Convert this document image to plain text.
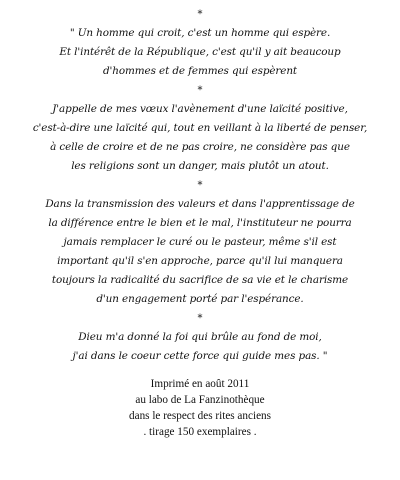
*
" Un homme qui croit, c'est un homme qui espère.
Et l'intérêt de la République, c'est qu'il y ait beaucoup
d'hommes et de femmes qui espèrent
*
J'appelle de mes vœux l'avènement d'une laïcité positive,
c'est-à-dire une laïcité qui, tout en veillant à la liberté de penser,
à celle de croire et de ne pas croire, ne considère pas que
les religions sont un danger, mais plutôt un atout.
*
Dans la transmission des valeurs et dans l'apprentissage de
la différence entre le bien et le mal, l'instituteur ne pourra
jamais remplacer le curé ou le pasteur, même s'il est
important qu'il s'en approche, parce qu'il lui manquera
toujours la radicalité du sacrifice de sa vie et le charisme
d'un engagement porté par l'espérance.
*
Dieu m'a donné la foi qui brûle au fond de moi,
j'ai dans le coeur cette force qui guide mes pas. "
Imprimé en août 2011
au labo de La Fanzinothèque
dans le respect des rites anciens
. tirage 150 exemplaires .
